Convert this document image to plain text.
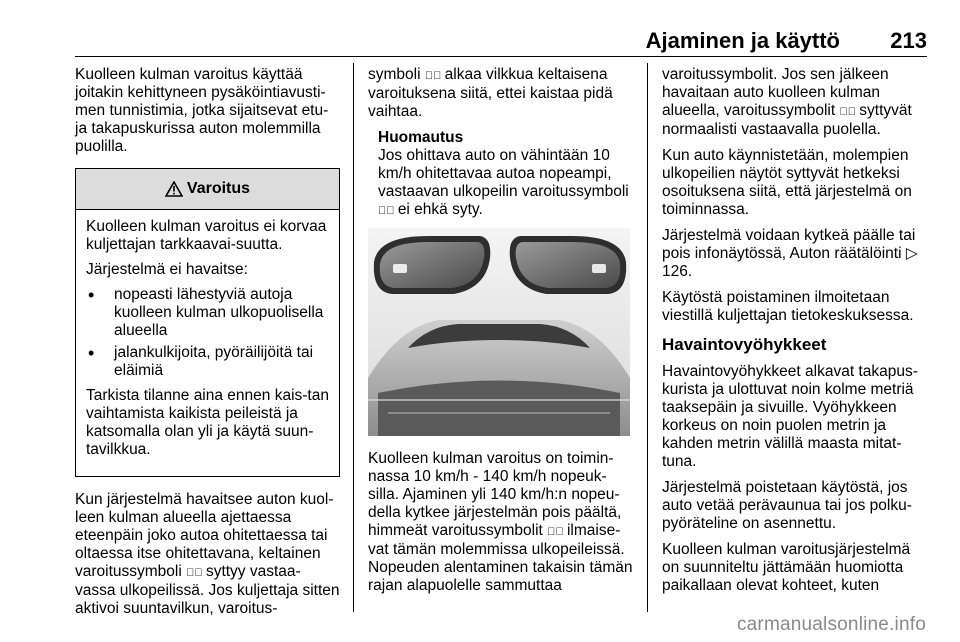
Ajaminen ja käyttö 213

Kuolleen kulman varoitus käyttää joitakin kehittyneen pysäköintiavusti-men tunnistimia, jotka sijaitsevat etu- ja takapuskurissa auton molemmilla puolilla.

Varoitus

Kuolleen kulman varoitus ei korvaa kuljettajan tarkkaavai-suutta.

Järjestelmä ei havaitse:

• nopeasti lähestyviä autoja kuolleen kulman ulkopuolisella alueella
• jalankulkijoita, pyöräilijöitä tai eläimiä

Tarkista tilanne aina ennen kais-tan vaihtamista kaikista peileistä ja katsomalla olan yli ja käytä suun-tavilkkua.

Kun järjestelmä havaitsee auton kuol-leen kulman alueella ajettaessa eteenpäin joko autoa ohitettaessa tai oltaessa itse ohitettavana, keltainen varoitussymboli ▸⃞ syttyy vastaa-vassa ulkopeilissä. Jos kuljettaja sitten aktivoi suuntavilkun, varoitus-

symboli ▸⃞ alkaa vilkkua keltaisena varoituksena siitä, ettei kaistaa pidä vaihtaa.

Huomautus
Jos ohittava auto on vähintään 10 km/h ohitettavaa autoa nopeampi, vastaavan ulkopeilin varoitussymboli ▸⃞ ei ehkä syty.

Kuolleen kulman varoitus on toimin-nassa 10 km/h - 140 km/h nopeuk-silla. Ajaminen yli 140 km/h:n nopeu-della kytkee järjestelmän pois päältä, himmeät varoitussymbolit ▸⃞ ilmaise-vat tämän molemmissa ulkopeileissä. Nopeuden alentaminen takaisin tämän rajan alapuolelle sammuttaa

varoitussymbolit. Jos sen jälkeen havaitaan auto kuolleen kulman alueella, varoitussymbolit ▸⃞ syttyvät normaalisti vastaavalla puolella.

Kun auto käynnistetään, molempien ulkopeilien näytöt syttyvät hetkeksi osoituksena siitä, että järjestelmä on toiminnassa.

Järjestelmä voidaan kytkeä päälle tai pois infonäytössä, Auton räätälöinti ▷ 126.

Käytöstä poistaminen ilmoitetaan viestillä kuljettajan tietokeskuksessa.

Havaintovyöhykkeet

Havaintovyöhykkeet alkavat takapus-kurista ja ulottuvat noin kolme metriä taaksepäin ja sivuille. Vyöhykkeen korkeus on noin puolen metrin ja kahden metrin välillä maasta mitat-tuna.

Järjestelmä poistetaan käytöstä, jos auto vetää perävaunua tai jos polku-pyöräteline on asennettu.

Kuolleen kulman varoitusjärjestelmä on suunniteltu jättämään huomiotta paikallaan olevat kohteet, kuten

carmanualsonline.info
